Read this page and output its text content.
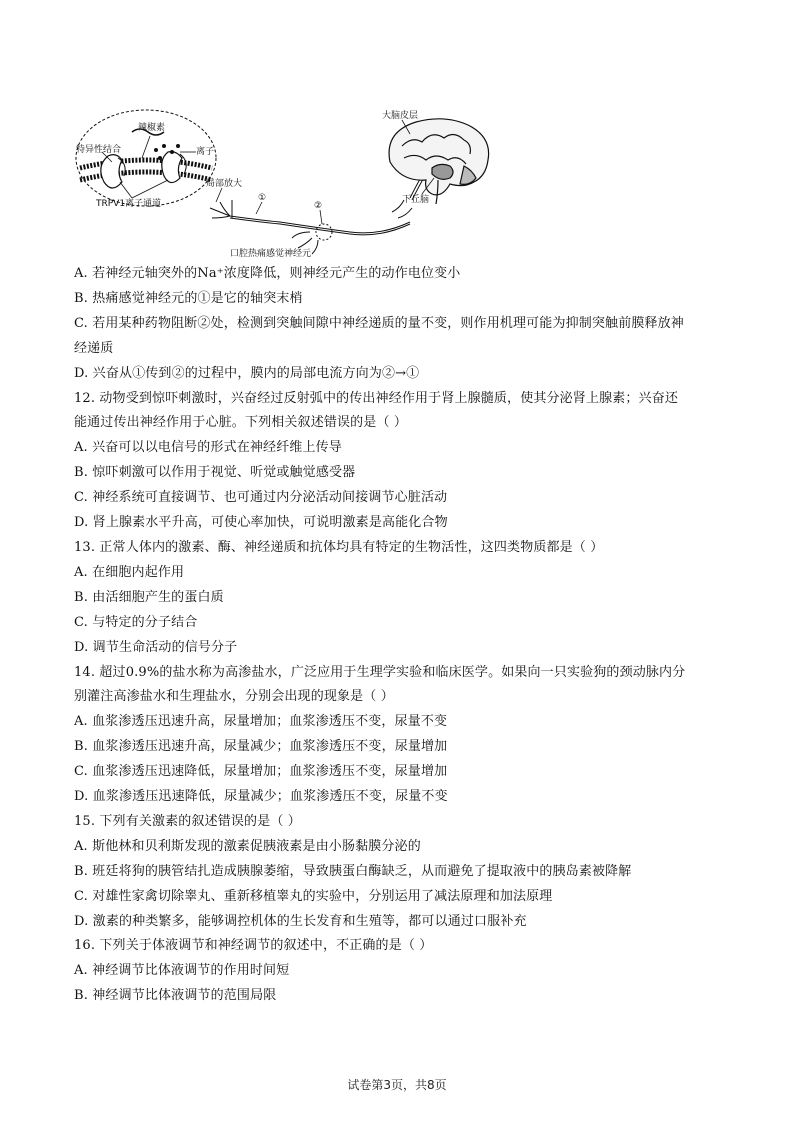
辣椒素
特异性结合	离子
TRPV1离子通道
局部放大
①
②
口腔热痛感觉神经元
大脑皮层
下丘脑
A. 若神经元轴突外的Na⁺浓度降低，则神经元产生的动作电位变小
B. 热痛感觉神经元的①是它的轴突末梢
C. 若用某种药物阻断②处，检测到突触间隙中神经递质的量不变，则作用机理可能为抑制突触前膜释放神
经递质
D. 兴奋从①传到②的过程中，膜内的局部电流方向为②→①
12. 动物受到惊吓刺激时，兴奋经过反射弧中的传出神经作用于肾上腺髓质，使其分泌肾上腺素；兴奋还
能通过传出神经作用于心脏。下列相关叙述错误的是（ ）
A. 兴奋可以以电信号的形式在神经纤维上传导
B. 惊吓刺激可以作用于视觉、听觉或触觉感受器
C. 神经系统可直接调节、也可通过内分泌活动间接调节心脏活动
D. 肾上腺素水平升高，可使心率加快，可说明激素是高能化合物
13. 正常人体内的激素、酶、神经递质和抗体均具有特定的生物活性，这四类物质都是（ ）
A. 在细胞内起作用
B. 由活细胞产生的蛋白质
C. 与特定的分子结合
D. 调节生命活动的信号分子
14. 超过0.9%的盐水称为高渗盐水，广泛应用于生理学实验和临床医学。如果向一只实验狗的颈动脉内分
别灌注高渗盐水和生理盐水，分别会出现的现象是（ ）
A. 血浆渗透压迅速升高，尿量增加；血浆渗透压不变，尿量不变
B. 血浆渗透压迅速升高，尿量减少；血浆渗透压不变，尿量增加
C. 血浆渗透压迅速降低，尿量增加；血浆渗透压不变，尿量增加
D. 血浆渗透压迅速降低，尿量减少；血浆渗透压不变，尿量不变
15. 下列有关激素的叙述错误的是（ ）
A. 斯他林和贝利斯发现的激素促胰液素是由小肠黏膜分泌的
B. 班廷将狗的胰管结扎造成胰腺萎缩，导致胰蛋白酶缺乏，从而避免了提取液中的胰岛素被降解
C. 对雄性家禽切除睾丸、重新移植睾丸的实验中，分别运用了减法原理和加法原理
D. 激素的种类繁多，能够调控机体的生长发育和生殖等，都可以通过口服补充
16. 下列关于体液调节和神经调节的叙述中，不正确的是（ ）
A. 神经调节比体液调节的作用时间短
B. 神经调节比体液调节的范围局限
试卷第3页，共8页
